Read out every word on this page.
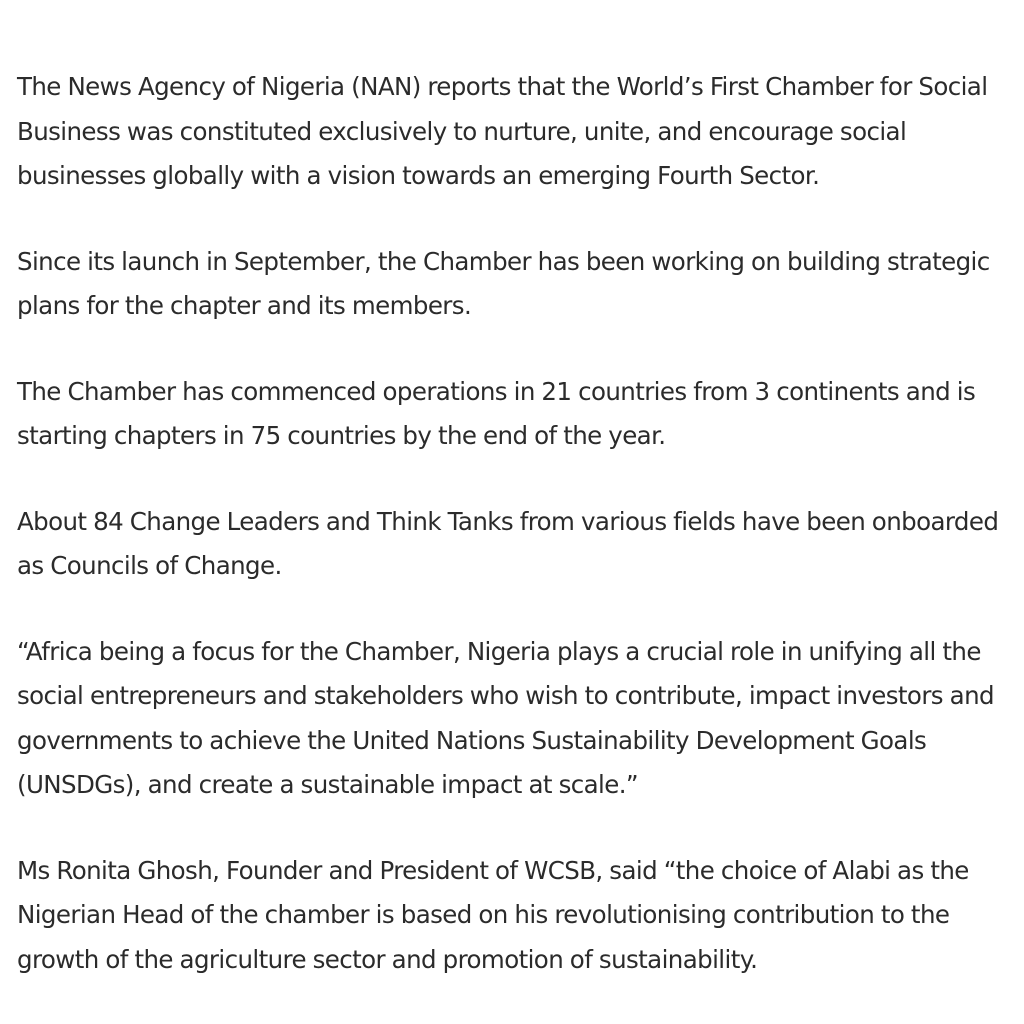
The News Agency of Nigeria (NAN) reports that the World’s First Chamber for Social Business was constituted exclusively to nurture, unite, and encourage social businesses globally with a vision towards an emerging Fourth Sector.

Since its launch in September, the Chamber has been working on building strategic plans for the chapter and its members.

The Chamber has commenced operations in 21 countries from 3 continents and is starting chapters in 75 countries by the end of the year.

About 84 Change Leaders and Think Tanks from various fields have been onboarded as Councils of Change.

“Africa being a focus for the Chamber, Nigeria plays a crucial role in unifying all the social entrepreneurs and stakeholders who wish to contribute, impact investors and governments to achieve the United Nations Sustainability Development Goals (UNSDGs), and create a sustainable impact at scale.”

Ms Ronita Ghosh, Founder and President of WCSB, said “the choice of Alabi as the Nigerian Head of the chamber is based on his revolutionising contribution to the growth of the agriculture sector and promotion of sustainability.
